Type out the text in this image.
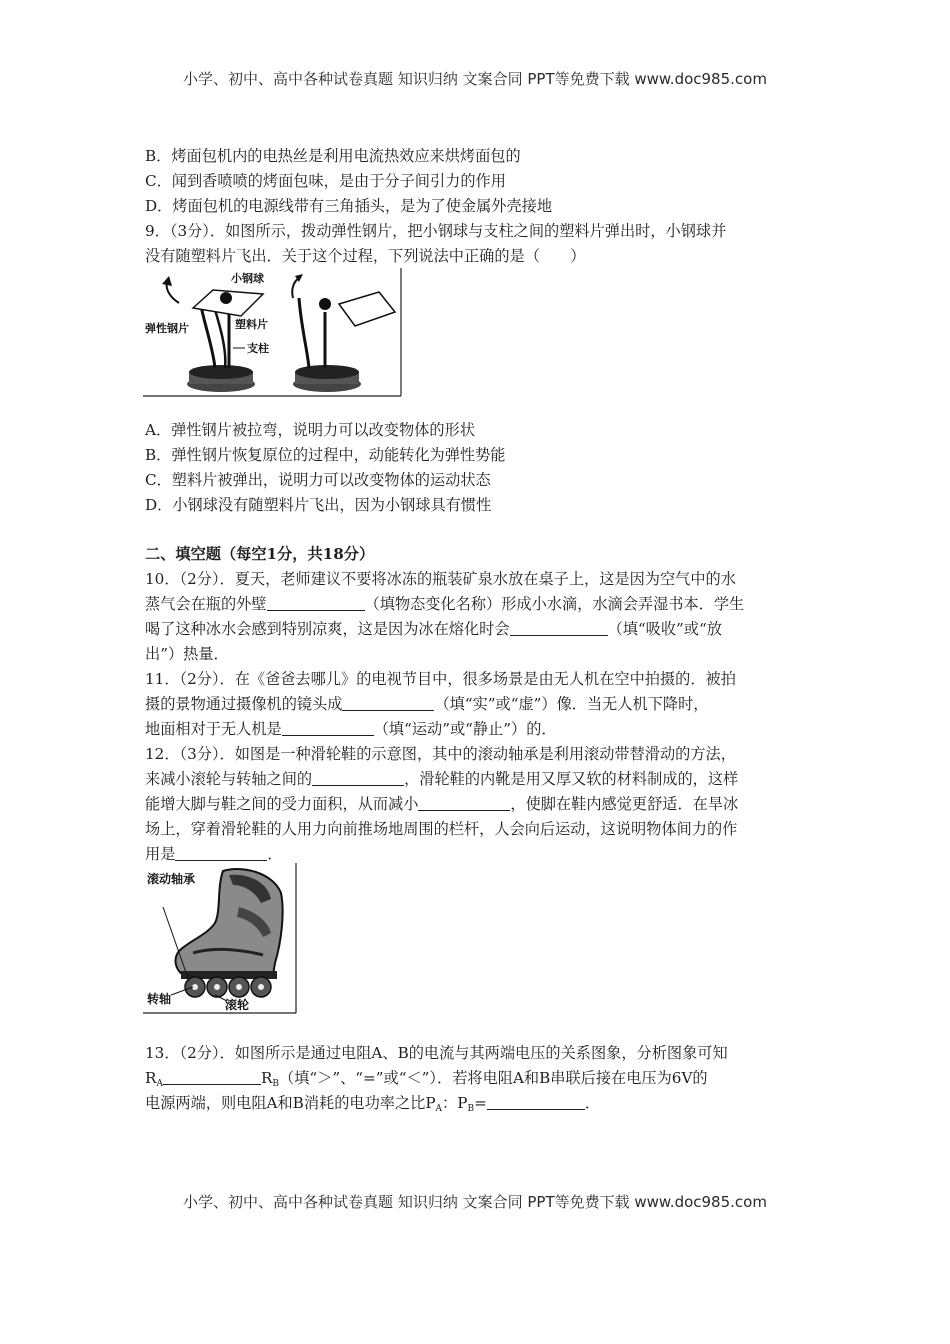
小学、初中、高中各种试卷真题 知识归纳 文案合同 PPT等免费下载 www.doc985.com
B．烤面包机内的电热丝是利用电流热效应来烘烤面包的
C．闻到香喷喷的烤面包味，是由于分子间引力的作用
D．烤面包机的电源线带有三角插头，是为了使金属外壳接地
9．（3分）．如图所示，拨动弹性钢片，把小钢球与支柱之间的塑料片弹出时，小钢球并
没有随塑料片飞出．关于这个过程，下列说法中正确的是（　　）
小钢球
塑料片
弹性钢片
支柱
A．弹性钢片被拉弯，说明力可以改变物体的形状
B．弹性钢片恢复原位的过程中，动能转化为弹性势能
C．塑料片被弹出，说明力可以改变物体的运动状态
D．小钢球没有随塑料片飞出，因为小钢球具有惯性
二、填空题（每空1分，共18分）
10．（2分）．夏天，老师建议不要将冰冻的瓶装矿泉水放在桌子上，这是因为空气中的水
蒸气会在瓶的外壁	（填物态变化名称）形成小水滴，水滴会弄湿书本．学生
喝了这种冰水会感到特别凉爽，这是因为冰在熔化时会	（填“吸收”或“放
出”）热量．
11．（2分）．在《爸爸去哪儿》的电视节目中，很多场景是由无人机在空中拍摄的．被拍
摄的景物通过摄像机的镜头成	（填“实”或“虚”）像．当无人机下降时，
地面相对于无人机是	（填“运动”或“静止”）的．
12．（3分）．如图是一种滑轮鞋的示意图，其中的滚动轴承是利用滚动带替滑动的方法，
来减小滚轮与转轴之间的	，滑轮鞋的内靴是用又厚又软的材料制成的，这样
能增大脚与鞋之间的受力面积，从而减小	，使脚在鞋内感觉更舒适．在旱冰
场上，穿着滑轮鞋的人用力向前推场地周围的栏杆，人会向后运动，这说明物体间力的作
用是	．
滚动轴承
转轴	滚轮
13．（2分）．如图所示是通过电阻A、B的电流与其两端电压的关系图象，分析图象可知
$R_A$	$R_B$（填“＞”、“=”或“＜”）．若将电阻A和B串联后接在电压为6V的
电源两端，则电阻A和B消耗的电功率之比$P_A$：$P_B=$	．
小学、初中、高中各种试卷真题 知识归纳 文案合同 PPT等免费下载 www.doc985.com
